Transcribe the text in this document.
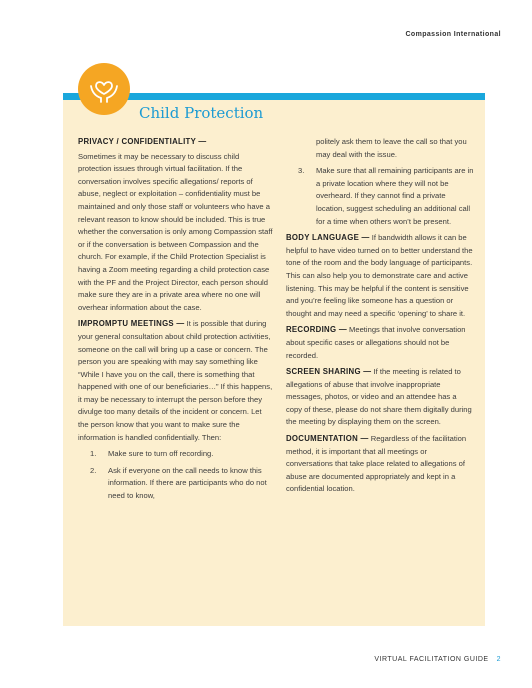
Compassion International
Child Protection

PRIVACY / CONFIDENTIALITY —

Sometimes it may be necessary to discuss child protection issues through virtual facilitation. If the conversation involves specific allegations/ reports of abuse, neglect or exploitation – confidentiality must be maintained and only those staff or volunteers who have a relevant reason to know should be included. This is true whether the conversation is only among Compassion staff or if the conversation is between Compassion and the church. For example, if the Child Protection Specialist is having a Zoom meeting regarding a child protection case with the PF and the Project Director, each person should make sure they are in a private area where no one will overhear information about the case.

IMPROMPTU MEETINGS — It is possible that during your general consultation about child protection activities, someone on the call will bring up a case or concern. The person you are speaking with may say something like “While I have you on the call, there is something that happened with one of our beneficiaries…” If this happens, it may be necessary to interrupt the person before they divulge too many details of the incident or concern. Let the person know that you want to make sure the information is handled confidentially. Then:

1.	Make sure to turn off recording.
2.	Ask if everyone on the call needs to know this information. If there are participants who do not need to know,

politely ask them to leave the call so that you may deal with the issue.

3.	Make sure that all remaining participants are in a private location where they will not be overheard. If they cannot find a private location, suggest scheduling an additional call for a time when others won’t be present.

BODY LANGUAGE — If bandwidth allows it can be helpful to have video turned on to better understand the tone of the room and the body language of participants. This can also help you to demonstrate care and active listening. This may be helpful if the content is sensitive and you’re feeling like someone has a question or thought and may need a specific ‘opening’ to share it.

RECORDING — Meetings that involve conversation about specific cases or allegations should not be recorded.

SCREEN SHARING — If the meeting is related to allegations of abuse that involve inappropriate messages, photos, or video and an attendee has a copy of these, please do not share them digitally during the meeting by displaying them on the screen.

DOCUMENTATION — Regardless of the facilitation method, it is important that all meetings or conversations that take place related to allegations of abuse are documented appropriately and kept in a confidential location.

VIRTUAL FACILITATION GUIDE 2
